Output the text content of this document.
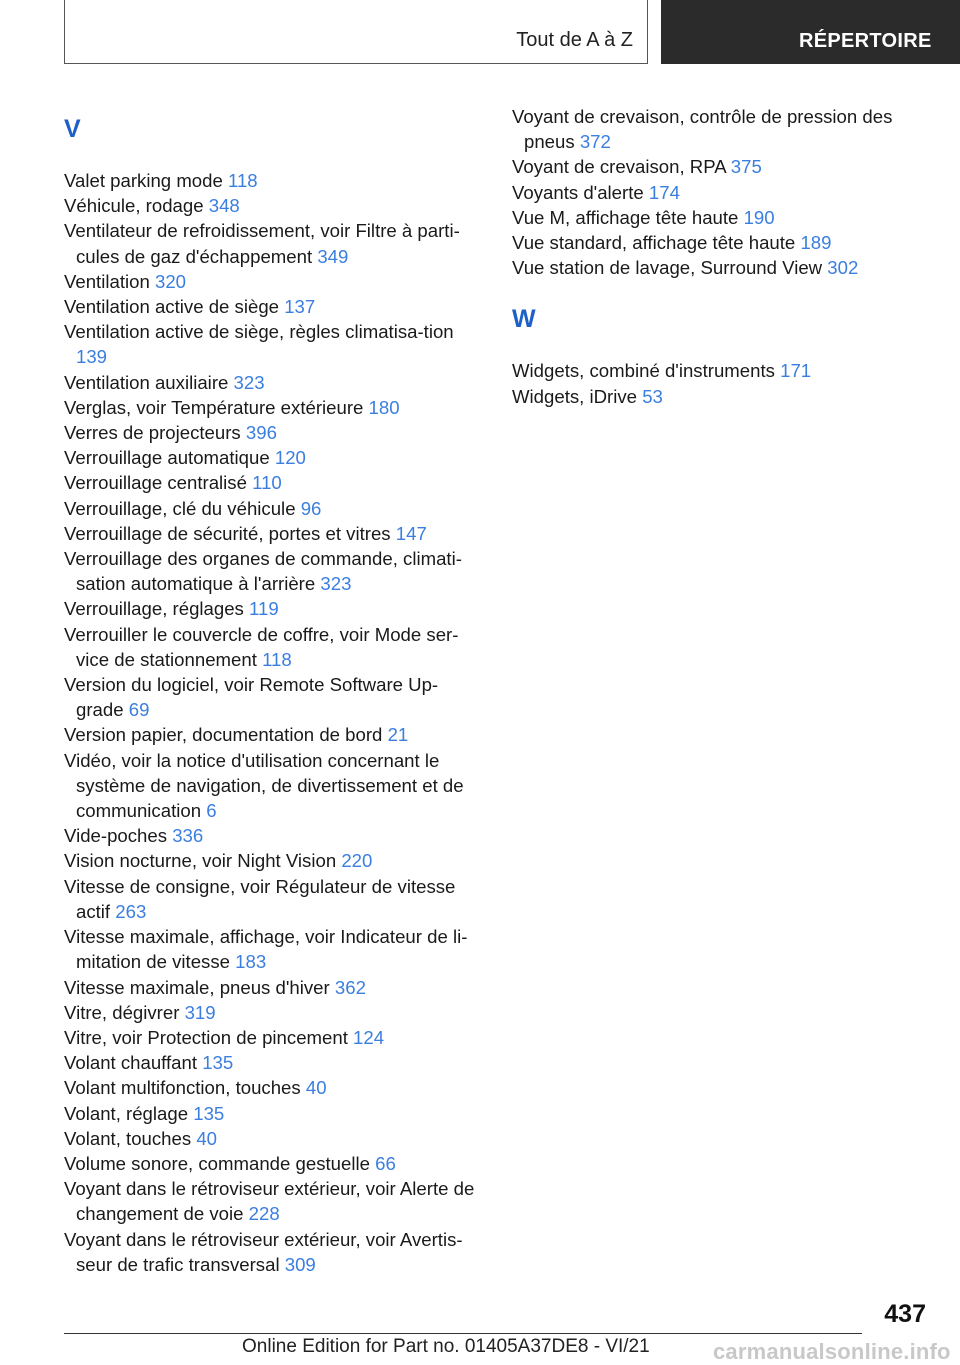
Tout de A à Z	RÉPERTOIRE
V
Valet parking mode 118
Véhicule, rodage 348
Ventilateur de refroidissement, voir Filtre à parti-cules de gaz d'échappement 349
Ventilation 320
Ventilation active de siège 137
Ventilation active de siège, règles climatisa-tion 139
Ventilation auxiliaire 323
Verglas, voir Température extérieure 180
Verres de projecteurs 396
Verrouillage automatique 120
Verrouillage centralisé 110
Verrouillage, clé du véhicule 96
Verrouillage de sécurité, portes et vitres 147
Verrouillage des organes de commande, climati-sation automatique à l'arrière 323
Verrouillage, réglages 119
Verrouiller le couvercle de coffre, voir Mode ser-vice de stationnement 118
Version du logiciel, voir Remote Software Up-grade 69
Version papier, documentation de bord 21
Vidéo, voir la notice d'utilisation concernant le système de navigation, de divertissement et de communication 6
Vide-poches 336
Vision nocturne, voir Night Vision 220
Vitesse de consigne, voir Régulateur de vitesse actif 263
Vitesse maximale, affichage, voir Indicateur de li-mitation de vitesse 183
Vitesse maximale, pneus d'hiver 362
Vitre, dégivrer 319
Vitre, voir Protection de pincement 124
Volant chauffant 135
Volant multifonction, touches 40
Volant, réglage 135
Volant, touches 40
Volume sonore, commande gestuelle 66
Voyant dans le rétroviseur extérieur, voir Alerte de changement de voie 228
Voyant dans le rétroviseur extérieur, voir Avertis-seur de trafic transversal 309
Voyant de crevaison, contrôle de pression des pneus 372
Voyant de crevaison, RPA 375
Voyants d'alerte 174
Vue M, affichage tête haute 190
Vue standard, affichage tête haute 189
Vue station de lavage, Surround View 302
W
Widgets, combiné d'instruments 171
Widgets, iDrive 53
437
Online Edition for Part no. 01405A37DE8 - VI/21	carmanualsonline.info
